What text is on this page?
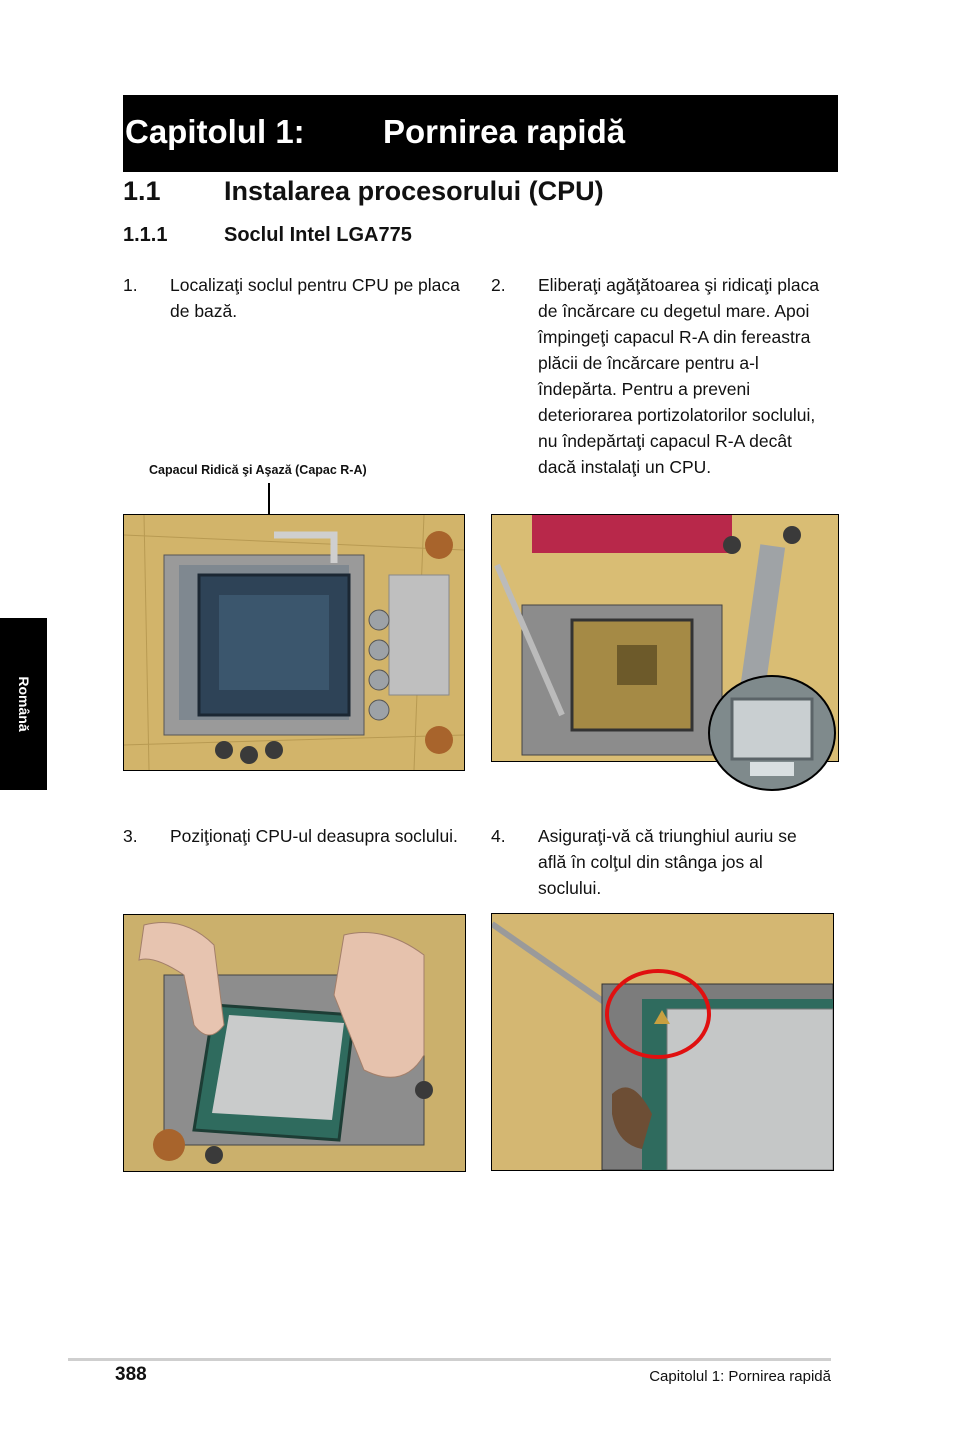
Capitolul 1: Pornirea rapidă
1.1 Instalarea procesorului (CPU)
1.1.1	Soclul Intel LGA775
1. Localizaţi soclul pentru CPU pe placa de bază.
2. Eliberaţi agăţătoarea şi ridicaţi placa de încărcare cu degetul mare. Apoi împingeţi capacul R-A din fereastra plăcii de încărcare pentru a-l îndepărta. Pentru a preveni deteriorarea portizolatorilor soclului, nu îndepărtaţi capacul R-A decât dacă instalaţi un CPU.
Capacul Ridică şi Aşază (Capac R-A)
3. Poziţionaţi CPU-ul deasupra soclului. 4. Asiguraţi-vă că triunghiul auriu se află în colţul din stânga jos al soclului.
Română
388	Capitolul 1: Pornirea rapidă
